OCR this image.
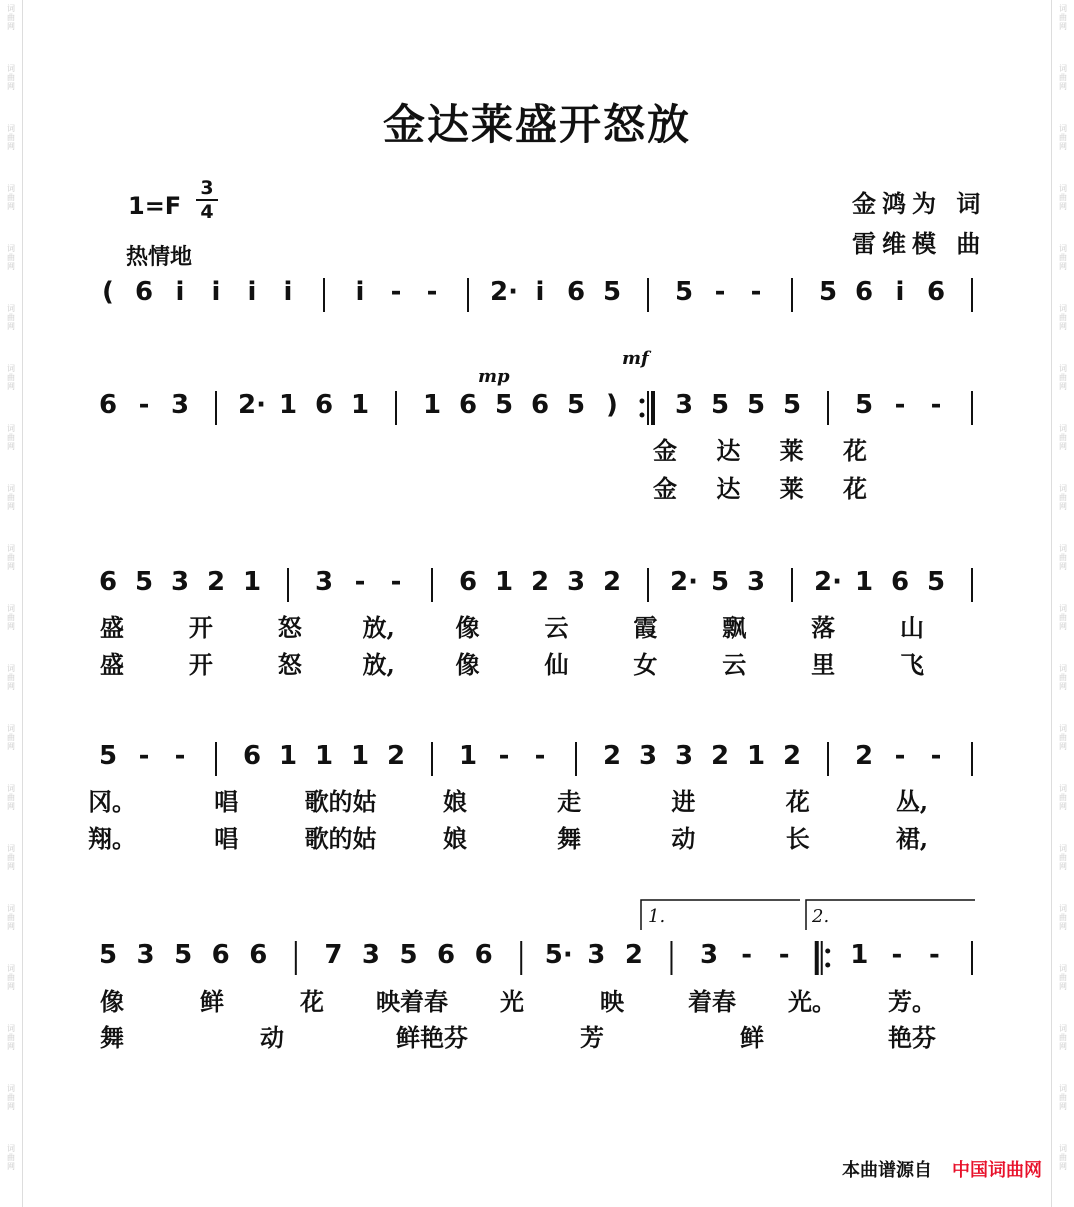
金达莱盛开怒放
1=F
3
4
热情地
金鸿为 词
雷维模 曲
( 6 i i i i i - - 2· i 6 5 5 - - 5 6 i 6
6 - 3 2· 1 6 1 1 6 5 6 5 ) 3 5 5 5 5 - -
金 达 莱 花
金 达 莱 花
6 5 3 2 1 3 - - 6 1 2 3 2 2· 5 3 2· 1 6 5
盛	开	怒	放,	像	云	霞	飘	落	山
盛	开	怒	放,	像	仙	女	云	里	飞
5 - - 6 1 1 1 2 1 - - 2 3 3 2 1 2 2 - -
冈。	唱	歌的姑	娘	走	进	花	丛,
翔。	唱	歌的姑	娘	舞	动	长	裙,
5 3 5 6 6 7 3 5 6 6 5· 3 2 3 - - 1 - -
像	鲜	花 映着春 光	映	着春 光。 芳。
舞	动	鲜艳芬	芳	鲜	艳芬
mp
mf
1.	2.
本曲谱源自 中国词曲网
词
曲
网
词
曲
网
词
曲
网
词
曲
网
词
曲
网
词
曲
网
词
曲
网
词
曲
网
词
曲
网
词
曲
网
词
曲
网
词
曲
网
词
曲
网
词
曲
网
词
曲
网
词
曲
网
词
曲
网
词
曲
网
词
曲
网
词
曲
网
词
曲
网
词
曲
网
词
曲
网
词
曲
网
词
曲
网
词
曲
网
词
曲
网
词
曲
网
词
曲
网
词
曲
网
词
曲
网
词
曲
网
词
曲
网
词
曲
网
词
曲
网
词
曲
网
词
曲
网
词
曲
网
词
曲
网
词
曲
网
